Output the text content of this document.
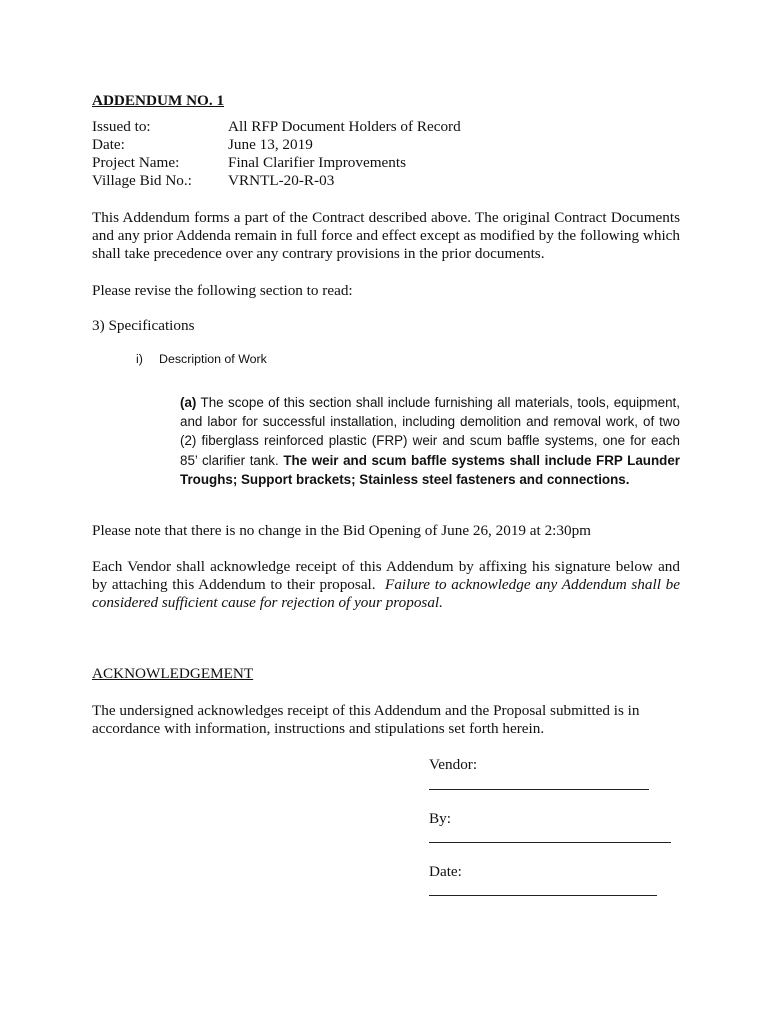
ADDENDUM NO. 1
Issued to:	All RFP Document Holders of Record
Date:	June 13, 2019
Project Name:	Final Clarifier Improvements
Village Bid No.:	VRNTL-20-R-03

This Addendum forms a part of the Contract described above. The original Contract Documents and any prior Addenda remain in full force and effect except as modified by the following which shall take precedence over any contrary provisions in the prior documents.

Please revise the following section to read:

3) Specifications

i)	Description of Work

(a) The scope of this section shall include furnishing all materials, tools, equipment, and labor for successful installation, including demolition and removal work, of two (2) fiberglass reinforced plastic (FRP) weir and scum baffle systems, one for each 85’ clarifier tank. The weir and scum baffle systems shall include FRP Launder Troughs; Support brackets; Stainless steel fasteners and connections.

Please note that there is no change in the Bid Opening of June 26, 2019 at 2:30pm

Each Vendor shall acknowledge receipt of this Addendum by affixing his signature below and by attaching this Addendum to their proposal. Failure to acknowledge any Addendum shall be considered sufficient cause for rejection of your proposal.

ACKNOWLEDGEMENT

The undersigned acknowledges receipt of this Addendum and the Proposal submitted is in accordance with information, instructions and stipulations set forth herein.

Vendor:
By:
Date:
